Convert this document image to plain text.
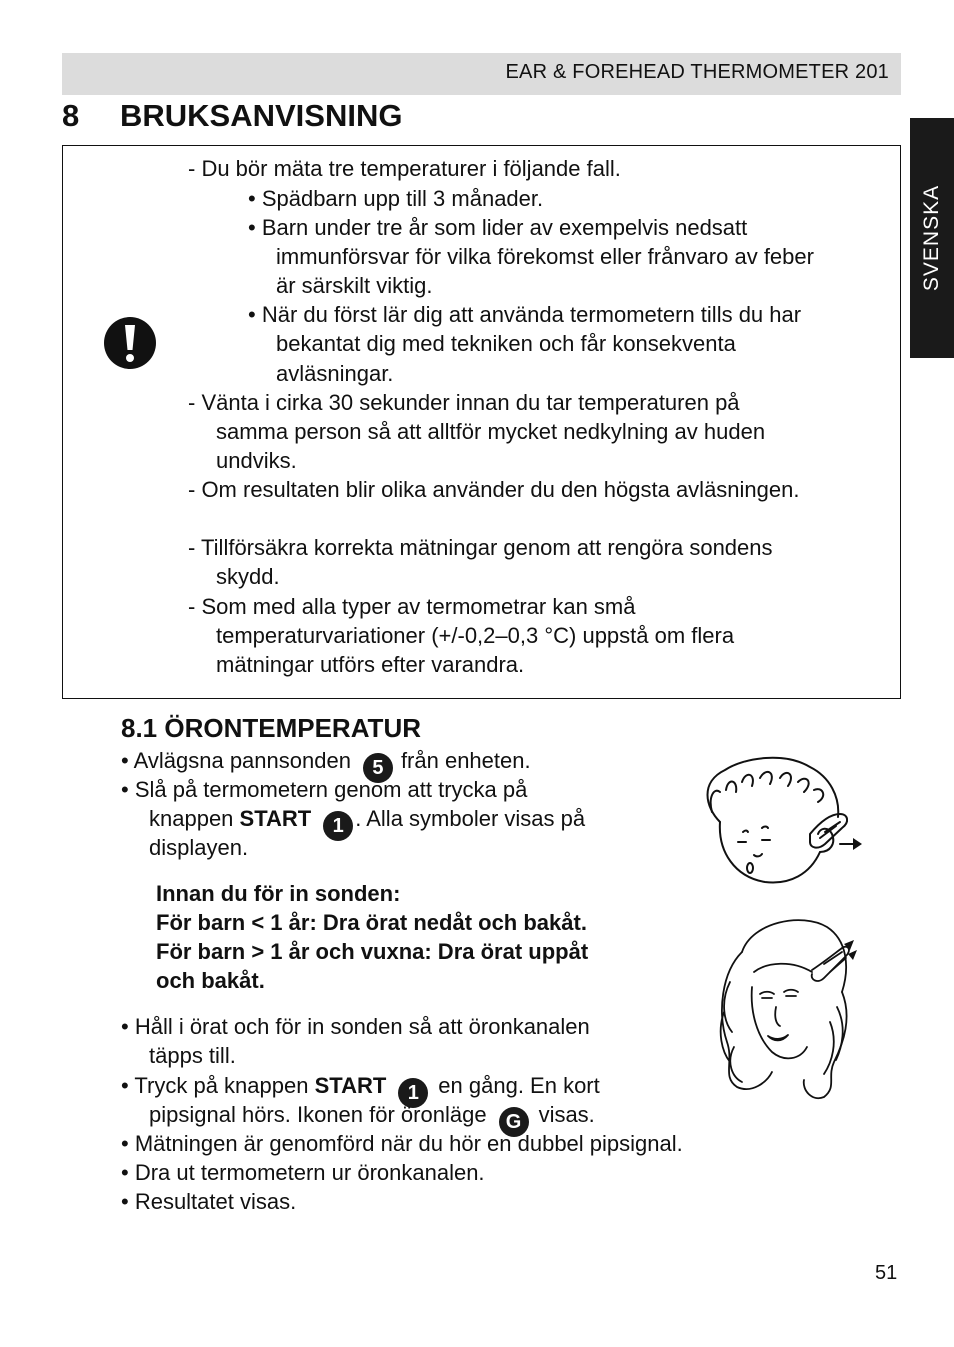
EAR & FOREHEAD THERMOMETER 201
8 BRUKSANVISNING
SVENSKA
- Du bör mäta tre temperaturer i följande fall.
• Spädbarn upp till 3 månader.
• Barn under tre år som lider av exempelvis nedsatt
immunförsvar för vilka förekomst eller frånvaro av feber
är särskilt viktig.
• När du först lär dig att använda termometern tills du har
bekantat dig med tekniken och får konsekventa
avläsningar.
- Vänta i cirka 30 sekunder innan du tar temperaturen på
samma person så att alltför mycket nedkylning av huden
undviks.
- Om resultaten blir olika använder du den högsta avläsningen.
- Tillförsäkra korrekta mätningar genom att rengöra sondens
skydd.
- Som med alla typer av termometrar kan små
temperaturvariationer (+/-0,2–0,3 °C) uppstå om flera
mätningar utförs efter varandra.
8.1 ÖRONTEMPERATUR
• Avlägsna pannsonden 5 från enheten.
• Slå på termometern genom att trycka på
knappen START 1 . Alla symboler visas på
displayen.
Innan du för in sonden:
För barn < 1 år: Dra örat nedåt och bakåt.
För barn > 1 år och vuxna: Dra örat uppåt
och bakåt.
• Håll i örat och för in sonden så att öronkanalen
täpps till.
• Tryck på knappen START 1 en gång. En kort
pipsignal hörs. Ikonen för öronläge G visas.
• Mätningen är genomförd när du hör en dubbel pipsignal.
• Dra ut termometern ur öronkanalen.
• Resultatet visas.
51
